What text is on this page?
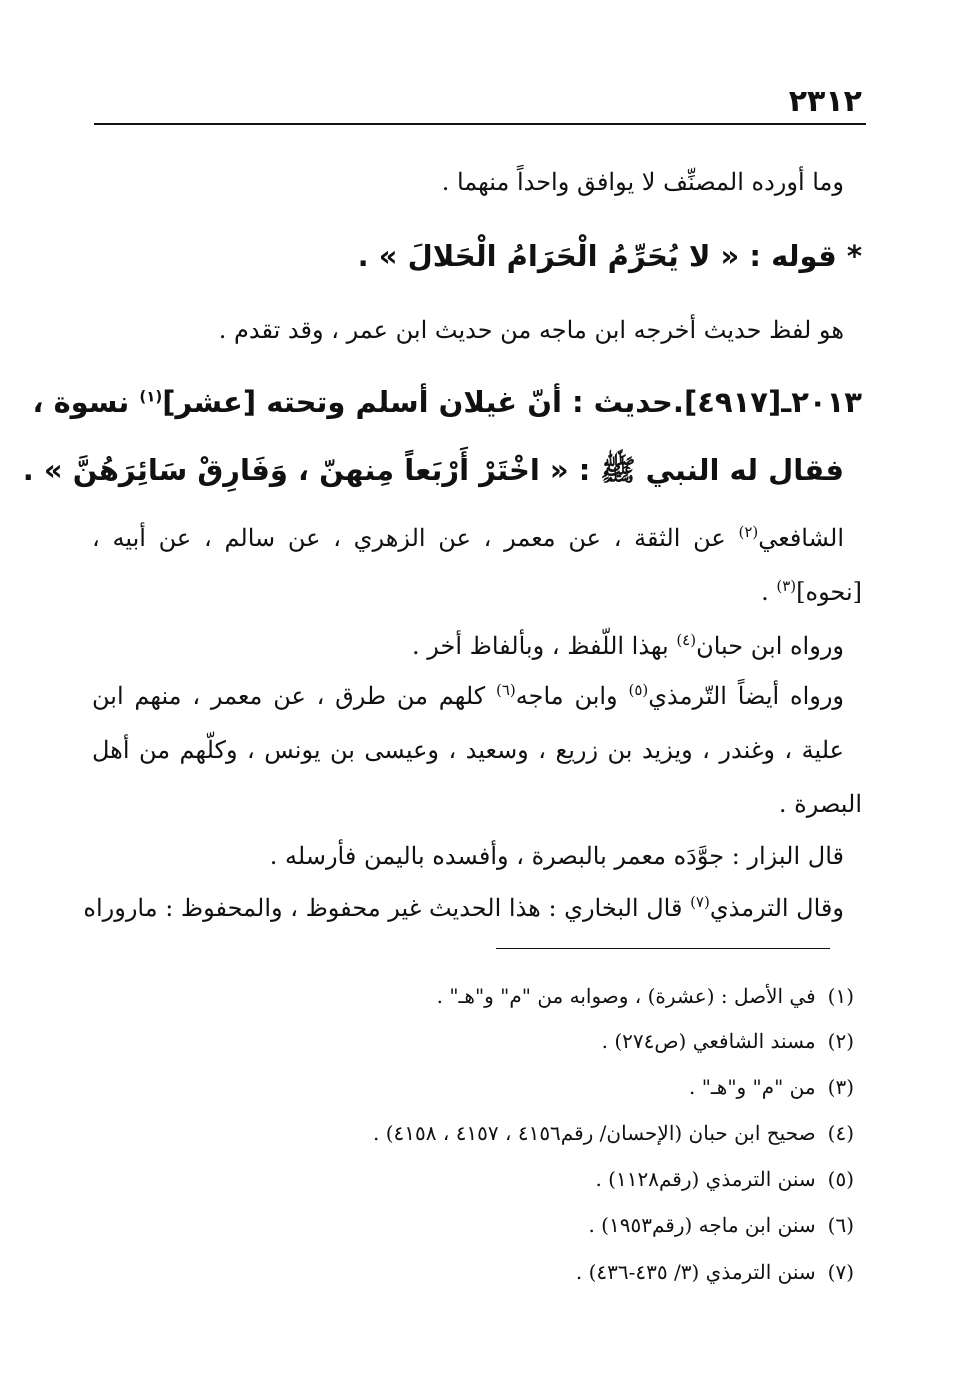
٢٣١٢
وما أورده المصنِّف لا يوافق واحداً منهما .
* قوله : « لا يُحَرِّمُ الْحَرَامُ الْحَلالَ » .
هو لفظ حديث أخرجه ابن ماجه من حديث ابن عمر ، وقد تقدم .
٢٠١٣ـ[٤٩١٧].حديث : أنّ غيلان أسلم وتحته [عشر]$^{(١)}$ نسوة ،
فقال له النبي ﷺ : « اخْتَرْ أَرْبَعاً مِنهنّ ، وَفَارِقْ سَائِرَهُنَّ » .
الشافعي$^{(٢)}$ عن الثقة ، عن معمر ، عن الزهري ، عن سالم ، عن أبيه ،
[نحوه]$^{(٣)}$ .
ورواه ابن حبان$^{(٤)}$ بهذا اللّفظ ، وبألفاظ أخر .
ورواه أيضاً التّرمذي$^{(٥)}$ وابن ماجه$^{(٦)}$ كلهم من طرق ، عن معمر ، منهم ابن
علية ، وغندر ، ويزيد بن زريع ، وسعيد ، وعيسى بن يونس ، وكلّهم من أهل
البصرة .
قال البزار : جوَّدَه معمر بالبصرة ، وأفسده باليمن فأرسله .
وقال الترمذي$^{(٧)}$ قال البخاري : هذا الحديث غير محفوظ ، والمحفوظ : ماروراه
(١)في الأصل : (عشرة) ، وصوابه من "م" و"هـ" .
(٢)مسند الشافعي (ص٢٧٤) .
(٣)من "م" و"هـ" .
(٤)صحيح ابن حبان (الإحسان/ رقم٤١٥٦ ، ٤١٥٧ ، ٤١٥٨) .
(٥)سنن الترمذي (رقم١١٢٨) .
(٦)سنن ابن ماجه (رقم١٩٥٣) .
(٧)سنن الترمذي (٣/ ٤٣٥-٤٣٦) .
